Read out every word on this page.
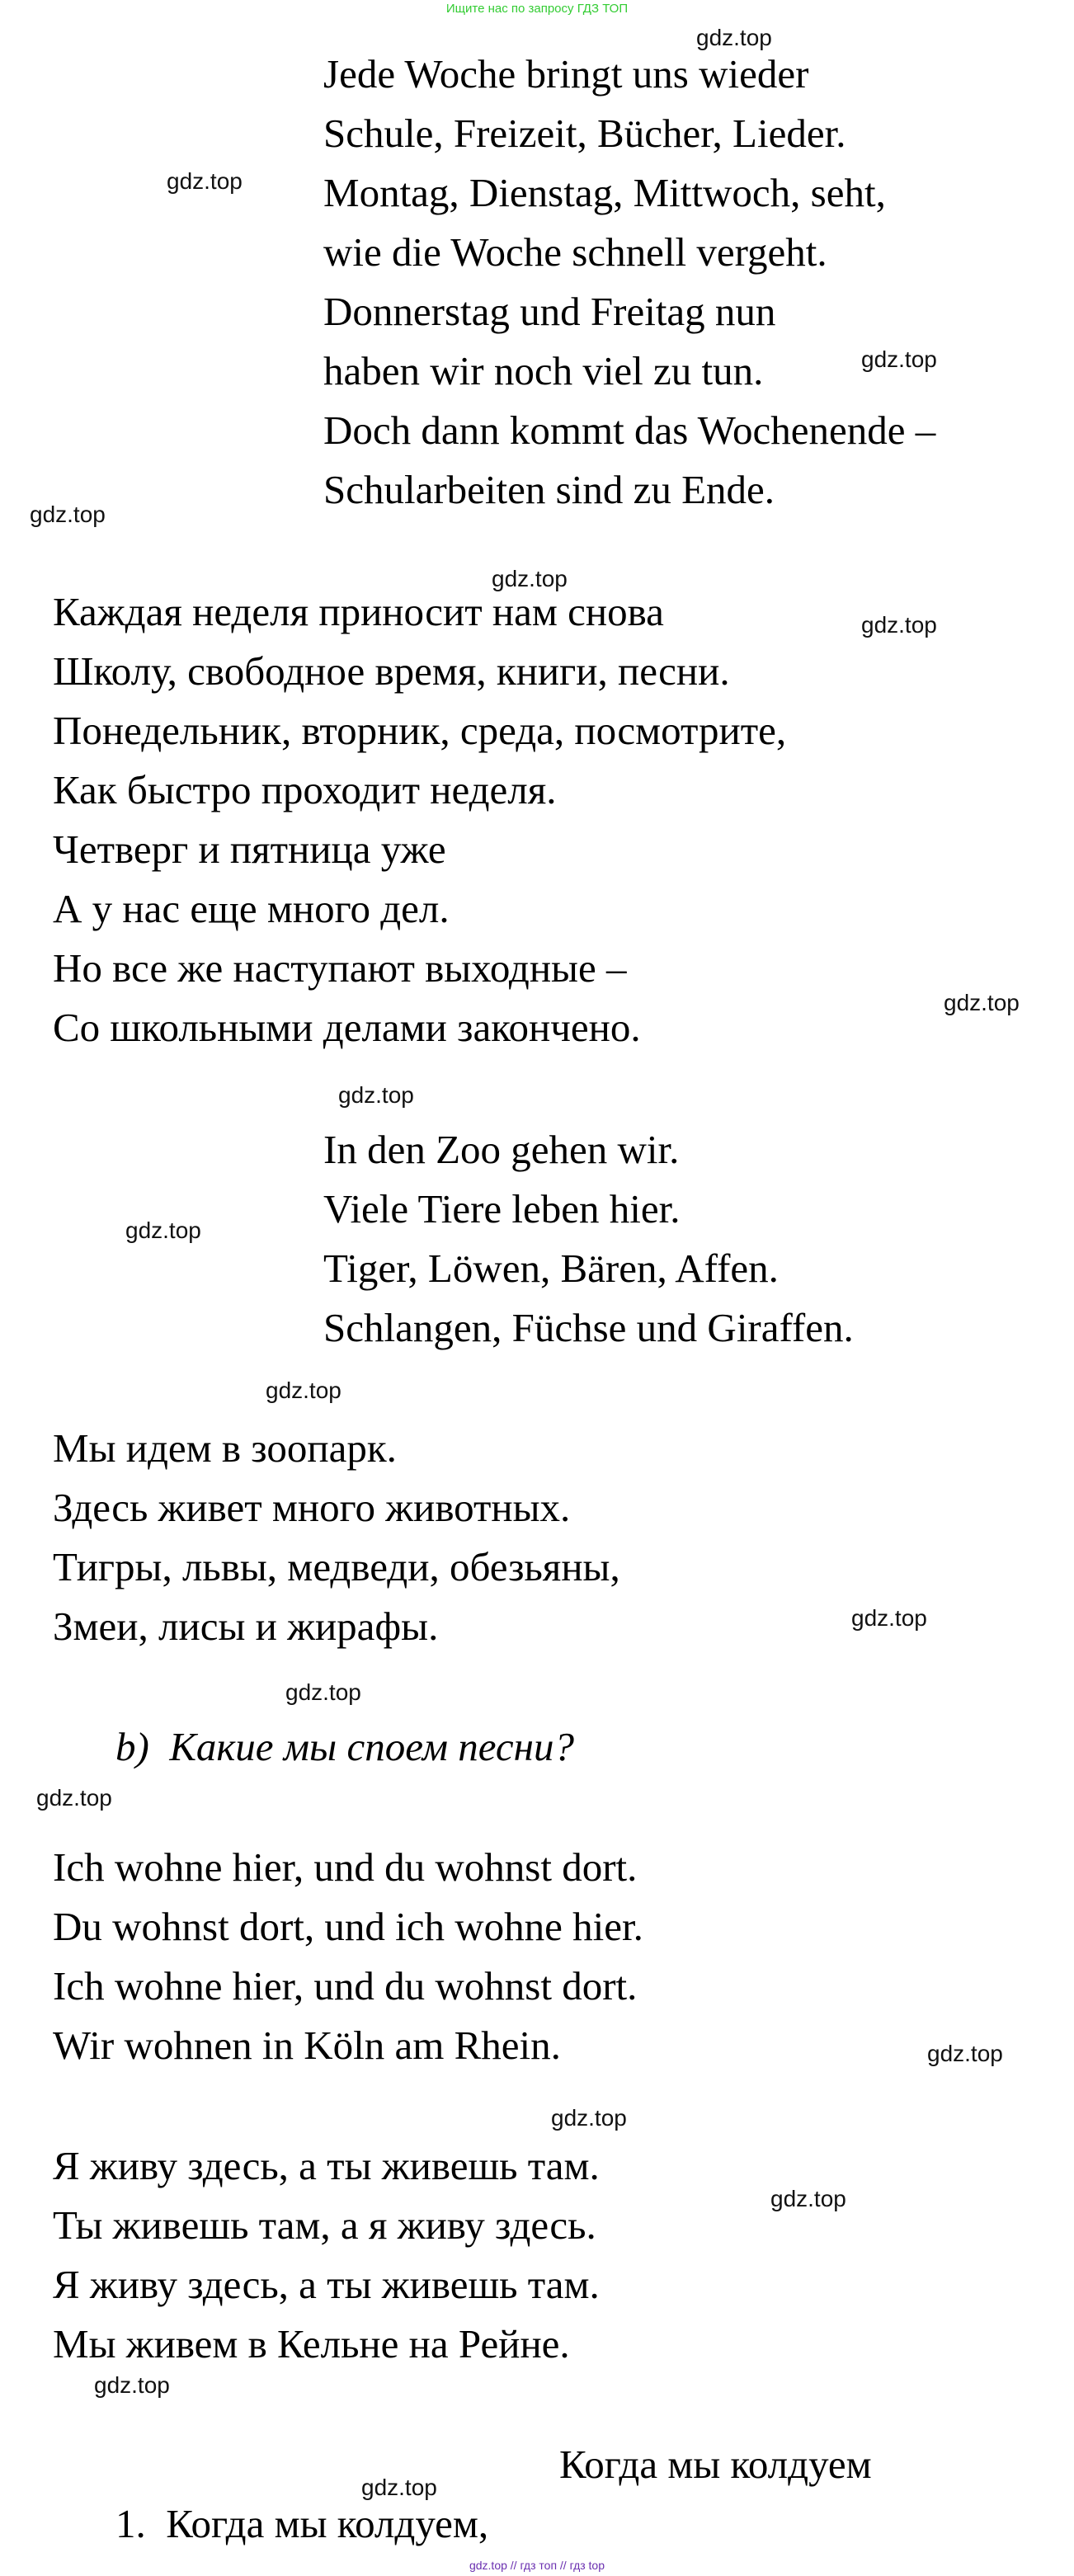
Ищите нас по запросу ГДЗ ТОП
Jede Woche bringt uns wieder
Schule, Freizeit, Bücher, Lieder.
Montag, Dienstag, Mittwoch, seht,
wie die Woche schnell vergeht.
Donnerstag und Freitag nun
haben wir noch viel zu tun.
Doch dann kommt das Wochenende –
Schularbeiten sind zu Ende.
Каждая неделя приносит нам снова
Школу, свободное время, книги, песни.
Понедельник, вторник, среда, посмотрите,
Как быстро проходит неделя.
Четверг и пятница уже
А у нас еще много дел.
Но все же наступают выходные –
Со школьными делами закончено.
In den Zoo gehen wir.
Viele Tiere leben hier.
Tiger, Löwen, Bären, Affen.
Schlangen, Füchse und Giraffen.
Мы идем в зоопарк.
Здесь живет много животных.
Тигры, львы, медведи, обезьяны,
Змеи, лисы и жирафы.
b) Какие мы споем песни?
Ich wohne hier, und du wohnst dort.
Du wohnst dort, und ich wohne hier.
Ich wohne hier, und du wohnst dort.
Wir wohnen in Köln am Rhein.
Я живу здесь, а ты живешь там.
Ты живешь там, а я живу здесь.
Я живу здесь, а ты живешь там.
Мы живем в Кельне на Рейне.
Когда мы колдуем
1. Когда мы колдуем,
gdz.top
gdz.top
gdz.top
gdz.top
gdz.top
gdz.top
gdz.top
gdz.top
gdz.top
gdz.top
gdz.top
gdz.top
gdz.top
gdz.top
gdz.top
gdz.top
gdz.top
gdz.top
gdz.top // гдз топ // гдз top
